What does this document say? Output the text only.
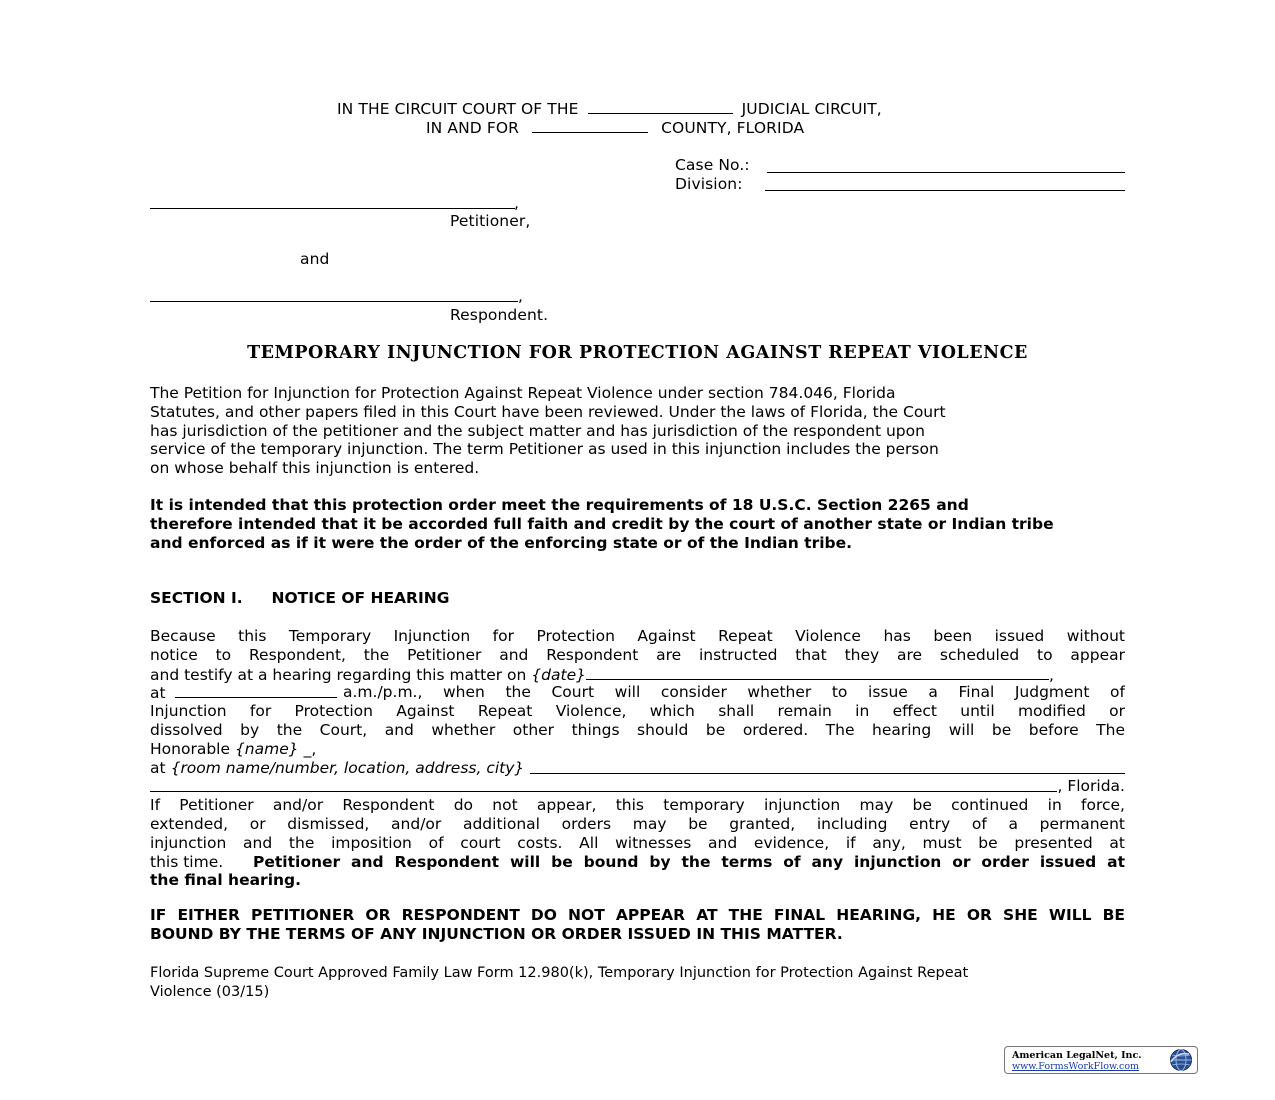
IN THE CIRCUIT COURT OF THE	JUDICIAL CIRCUIT,
IN AND FOR	COUNTY, FLORIDA
Case No.:
Division:
,
Petitioner,
and
,
Respondent.
TEMPORARY INJUNCTION FOR PROTECTION AGAINST REPEAT VIOLENCE
The Petition for Injunction for Protection Against Repeat Violence under section 784.046, Florida
Statutes, and other papers filed in this Court have been reviewed. Under the laws of Florida, the Court
has jurisdiction of the petitioner and the subject matter and has jurisdiction of the respondent upon
service of the temporary injunction. The term Petitioner as used in this injunction includes the person
on whose behalf this injunction is entered.
It is intended that this protection order meet the requirements of 18 U.S.C. Section 2265 and
therefore intended that it be accorded full faith and credit by the court of another state or Indian tribe
and enforced as if it were the order of the enforcing state or of the Indian tribe.
SECTION I. NOTICE OF HEARING
Because this Temporary Injunction for Protection Against Repeat Violence has been issued without
notice to Respondent, the Petitioner and Respondent are instructed that they are scheduled to appear
and testify at a hearing regarding this matter on {date}	,
at	a.m./p.m., when the Court will consider whether to issue a Final Judgment of
Injunction for Protection Against Repeat Violence, which shall remain in effect until modified or
dissolved by the Court, and whether other things should be ordered. The hearing will be before The
Honorable {name} _,
at {room name/number, location, address, city}
, Florida.
If Petitioner and/or Respondent do not appear, this temporary injunction may be continued in force,
extended, or dismissed, and/or additional orders may be granted, including entry of a permanent
injunction and the imposition of court costs. All witnesses and evidence, if any, must be presented at
this time. Petitioner and Respondent will be bound by the terms of any injunction or order issued at
the final hearing.
IF EITHER PETITIONER OR RESPONDENT DO NOT APPEAR AT THE FINAL HEARING, HE OR SHE WILL BE
BOUND BY THE TERMS OF ANY INJUNCTION OR ORDER ISSUED IN THIS MATTER.
Florida Supreme Court Approved Family Law Form 12.980(k), Temporary Injunction for Protection Against Repeat
Violence (03/15)
American LegalNet, Inc.
www.FormsWorkFlow.com
